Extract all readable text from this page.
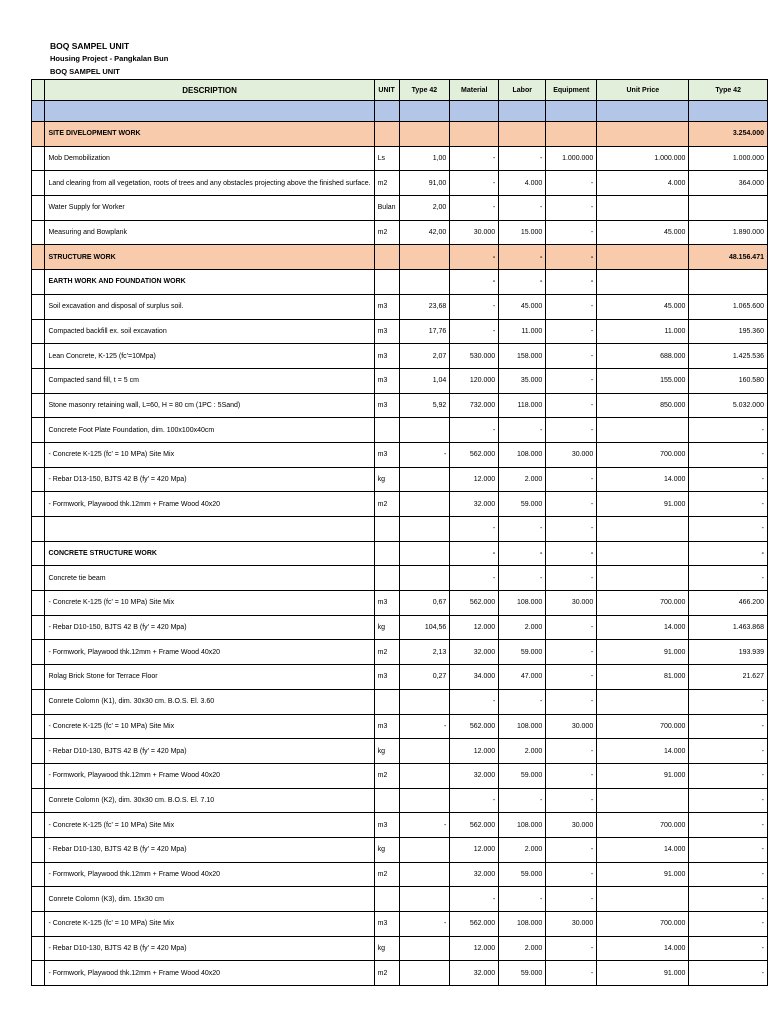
BOQ SAMPEL UNIT
Housing Project - Pangkalan Bun
BOQ SAMPEL UNIT
	DESCRIPTION	UNIT	Type 42	Material	Labor	Equipment	Unit Price	Type 42

	SITE DIVELOPMENT WORK							3.254.000
	Mob Demobilization	Ls	1,00	-	-	1.000.000	1.000.000	1.000.000
	Land clearing from all vegetation, roots of trees and any obstacles projecting above the finished surface.	m2	91,00	-	4.000	-	4.000	364.000
	Water Supply for Worker	Bulan	2,00	-	-	-		
	Measuring and Bowplank	m2	42,00	30.000	15.000	-	45.000	1.890.000
	STRUCTURE WORK			-	-	-		48.156.471
	EARTH WORK AND FOUNDATION WORK			-	-	-		
	Soil excavation and disposal of surplus soil.	m3	23,68	-	45.000	-	45.000	1.065.600
	Compacted backfill ex. soil excavation	m3	17,76	-	11.000	-	11.000	195.360
	Lean Concrete, K-125 (fc'=10Mpa)	m3	2,07	530.000	158.000	-	688.000	1.425.536
	Compacted sand fill, t = 5 cm	m3	1,04	120.000	35.000	-	155.000	160.580
	Stone masonry retaining wall, L=60, H = 80 cm (1PC : 5Sand)	m3	5,92	732.000	118.000	-	850.000	5.032.000
	Concrete Foot Plate Foundation, dim. 100x100x40cm			-	-	-		-
	- Concrete K-125 (fc' = 10 MPa) Site Mix	m3	-	562.000	108.000	30.000	700.000	-
	- Rebar D13-150, BJTS 42 B (fy' = 420 Mpa)	kg		12.000	2.000	-	14.000	-
	- Formwork, Playwood thk.12mm + Frame Wood 40x20	m2		32.000	59.000	-	91.000	-
				-	-	-		-
	CONCRETE STRUCTURE WORK			-	-	-		-
	Concrete tie beam			-	-	-		-
	- Concrete K-125 (fc' = 10 MPa) Site Mix	m3	0,67	562.000	108.000	30.000	700.000	466.200
	- Rebar D10-150, BJTS 42 B (fy' = 420 Mpa)	kg	104,56	12.000	2.000	-	14.000	1.463.868
	- Formwork, Playwood thk.12mm + Frame Wood 40x20	m2	2,13	32.000	59.000	-	91.000	193.939
	Rolag Brick Stone for Terrace Floor	m3	0,27	34.000	47.000	-	81.000	21.627
	Conrete Colomn (K1), dim. 30x30 cm. B.O.S. El. 3.60			-	-	-		-
	- Concrete K-125 (fc' = 10 MPa) Site Mix	m3	-	562.000	108.000	30.000	700.000	-
	- Rebar D10-130, BJTS 42 B (fy' = 420 Mpa)	kg		12.000	2.000	-	14.000	-
	- Formwork, Playwood thk.12mm + Frame Wood 40x20	m2		32.000	59.000	-	91.000	-
	Conrete Colomn (K2), dim. 30x30 cm. B.O.S. El. 7.10			-	-	-		-
	- Concrete K-125 (fc' = 10 MPa) Site Mix	m3	-	562.000	108.000	30.000	700.000	-
	- Rebar D10-130, BJTS 42 B (fy' = 420 Mpa)	kg		12.000	2.000	-	14.000	-
	- Formwork, Playwood thk.12mm + Frame Wood 40x20	m2		32.000	59.000	-	91.000	-
	Conrete Colomn (K3), dim. 15x30 cm			-	-	-		-
	- Concrete K-125 (fc' = 10 MPa) Site Mix	m3	-	562.000	108.000	30.000	700.000	-
	- Rebar D10-130, BJTS 42 B (fy' = 420 Mpa)	kg		12.000	2.000	-	14.000	-
	- Formwork, Playwood thk.12mm + Frame Wood 40x20	m2		32.000	59.000	-	91.000	-
